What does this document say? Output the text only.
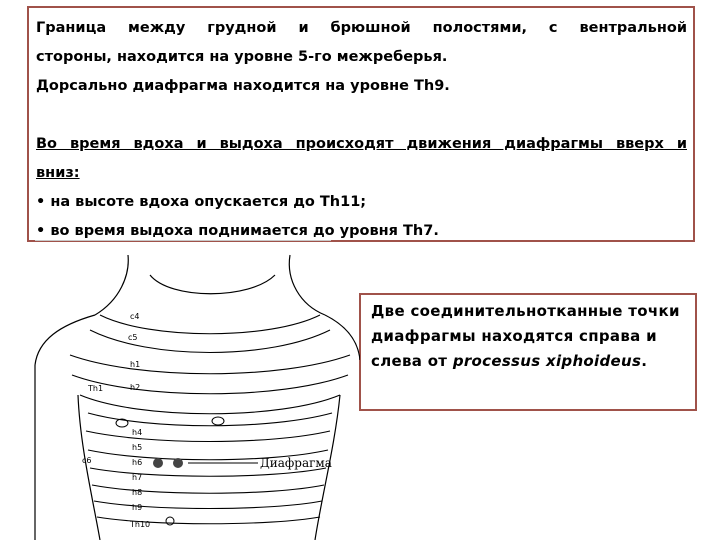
Граница между грудной и брюшной полостями, с вентральной

стороны, находится на уровне 5-го межреберья.

Дорсально диафрагма находится на уровне Th9.

Во время вдоха и выдоха происходят движения диафрагмы вверх и

вниз:

• на высоте вдоха опускается до Th11;

• во время выдоха поднимается до уровня Th7.

Две соединительнотканные точки диафрагмы находятся справа и слева от processus xiphoideus.
c4
c5
h1
Th1	h2
h4
h5
h6
h7
h8
c6
h9
Th10
Диафрагма
